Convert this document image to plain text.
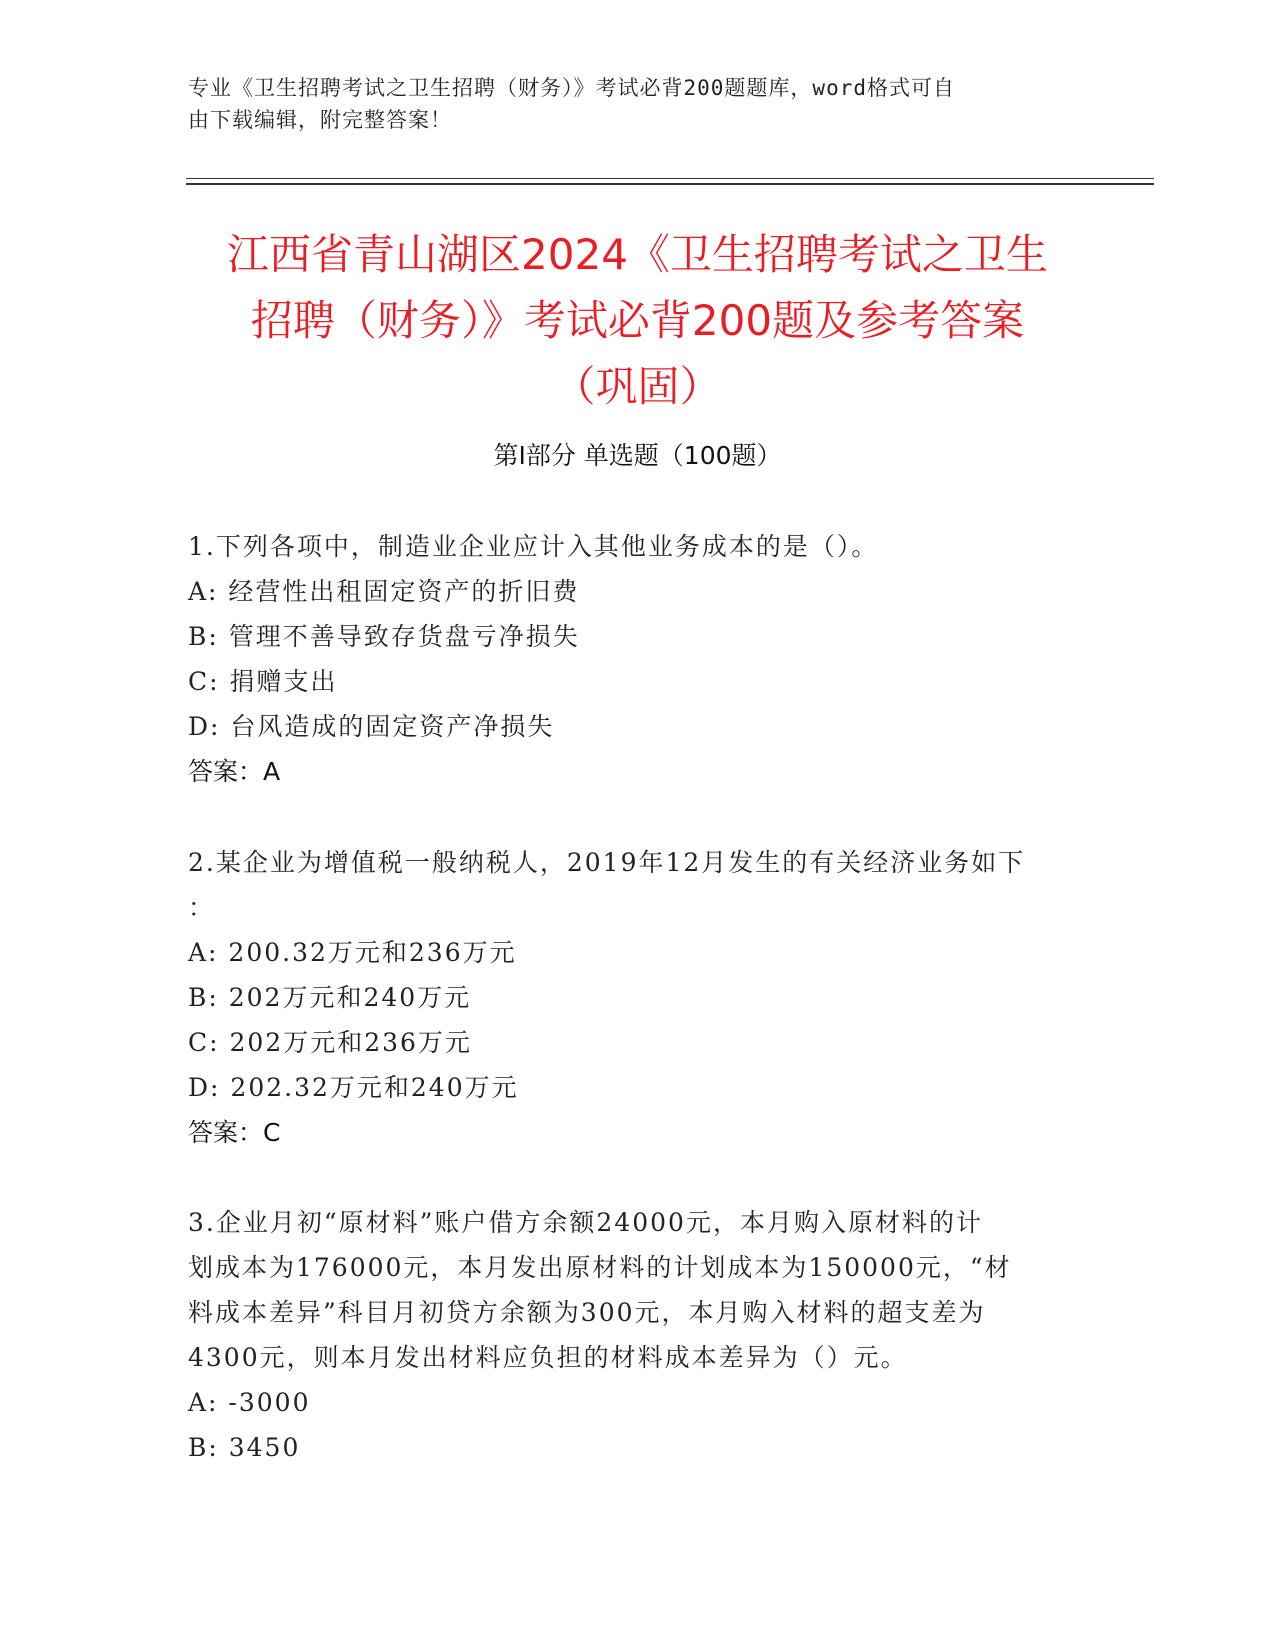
专业《卫生招聘考试之卫生招聘（财务）》考试必背200题题库，word格式可自
由下载编辑，附完整答案！
江西省青山湖区2024《卫生招聘考试之卫生
招聘（财务）》考试必背200题及参考答案
（巩固）
第I部分 单选题（100题）

1.下列各项中，制造业企业应计入其他业务成本的是（）。

A: 经营性出租固定资产的折旧费

B: 管理不善导致存货盘亏净损失

C: 捐赠支出

D: 台风造成的固定资产净损失

答案：A

2.某企业为增值税一般纳税人，2019年12月发生的有关经济业务如下

：

A: 200.32万元和236万元

B: 202万元和240万元

C: 202万元和236万元

D: 202.32万元和240万元

答案：C

3.企业月初“原材料”账户借方余额24000元，本月购入原材料的计

划成本为176000元，本月发出原材料的计划成本为150000元，“材

料成本差异”科目月初贷方余额为300元，本月购入材料的超支差为

4300元，则本月发出材料应负担的材料成本差异为（）元。

A: -3000

B: 3450
